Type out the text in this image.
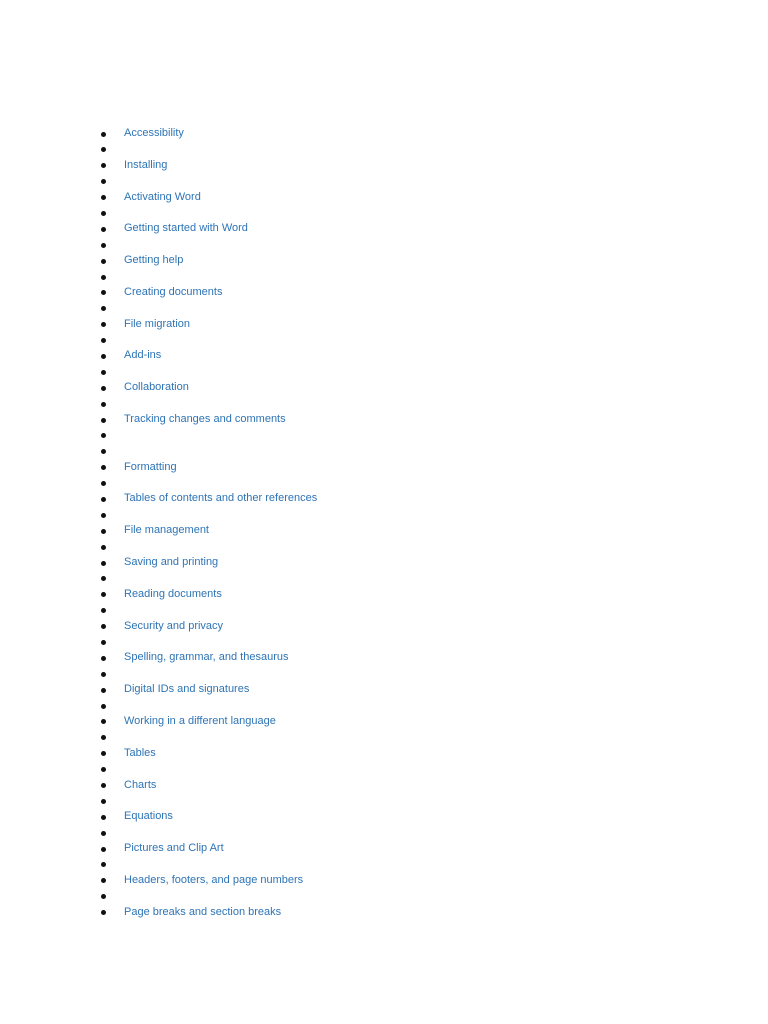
Accessibility
Installing
Activating Word
Getting started with Word
Getting help
Creating documents
File migration
Add-ins
Collaboration
Tracking changes and comments
Formatting
Tables of contents and other references
File management
Saving and printing
Reading documents
Security and privacy
Spelling, grammar, and thesaurus
Digital IDs and signatures
Working in a different language
Tables
Charts
Equations
Pictures and Clip Art
Headers, footers, and page numbers
Page breaks and section breaks
